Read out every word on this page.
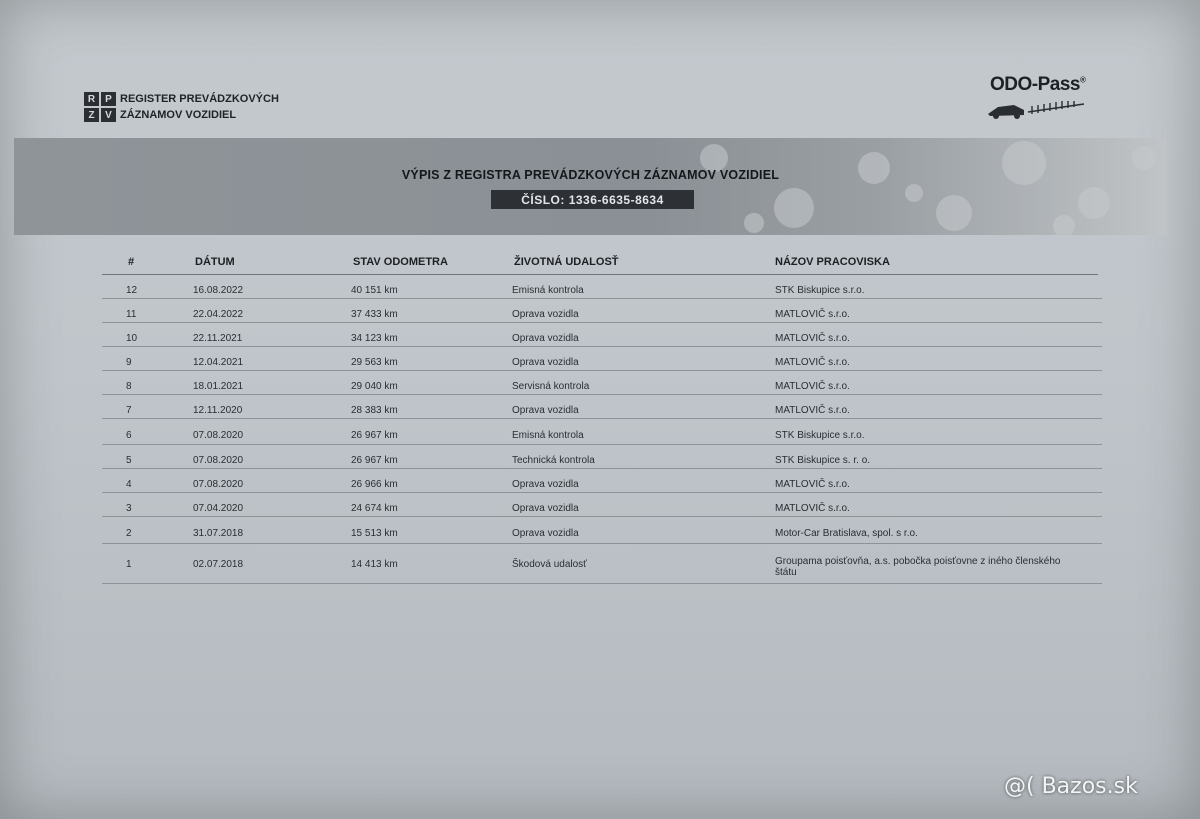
R	P
Z	V
REGISTER PREVÁDZKOVÝCH
ZÁZNAMOV VOZIDIEL
ODO-Pass®
VÝPIS Z REGISTRA PREVÁDZKOVÝCH ZÁZNAMOV VOZIDIEL
ČÍSLO: 1336-6635-8634
#	DÁTUM	STAV ODOMETRA	ŽIVOTNÁ UDALOSŤ	NÁZOV PRACOVISKA
12	16.08.2022	40 151 km	Emisná kontrola	STK Biskupice s.r.o.
11	22.04.2022	37 433 km	Oprava vozidla	MATLOVIČ s.r.o.
10	22.11.2021	34 123 km	Oprava vozidla	MATLOVIČ s.r.o.
9	12.04.2021	29 563 km	Oprava vozidla	MATLOVIČ s.r.o.
8	18.01.2021	29 040 km	Servisná kontrola	MATLOVIČ s.r.o.
7	12.11.2020	28 383 km	Oprava vozidla	MATLOVIČ s.r.o.
6	07.08.2020	26 967 km	Emisná kontrola	STK Biskupice s.r.o.
5	07.08.2020	26 967 km	Technická kontrola	STK Biskupice s. r. o.
4	07.08.2020	26 966 km	Oprava vozidla	MATLOVIČ s.r.o.
3	07.04.2020	24 674 km	Oprava vozidla	MATLOVIČ s.r.o.
2	31.07.2018	15 513 km	Oprava vozidla	Motor-Car Bratislava, spol. s r.o.
1	02.07.2018	14 413 km	Škodová udalosť	Groupama poisťovňa, a.s. pobočka poisťovne z iného členského štátu
@( Bazos.sk
